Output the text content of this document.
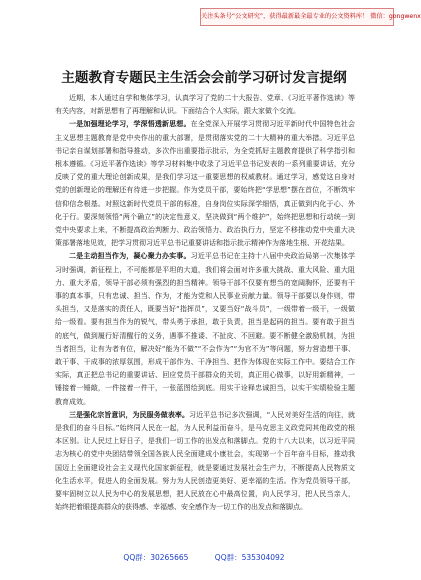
关注头条号“公文研究”，获得最新最全最专业的公文资料库！ 微信：gongwenx
主题教育专题民主生活会会前学习研讨发言提纲

近期，本人通过自学和集体学习，认真学习了党的二十大报告、党章、《习近平著作选读》等有关内容，对新思想有了再理解和认识。下面结合个人实际，跟大家做个交流。

一是加强理论学习，学深悟透新思想。在全党深入开展学习贯彻习近平新时代中国特色社会主义思想主题教育是党中央作出的重大部署，是贯彻落实党的二十大精神的重大举措。习近平总书记亲自谋划部署和指导推动，多次作出重要指示批示，为全党抓好主题教育提供了科学指引和根本遵循。《习近平著作选读》等学习材料集中收录了习近平总书记发表的一系列重要讲话，充分反映了党的重大理论创新成果，是我们学习这一重要思想的权威教材。通过学习，感觉这自身对党的创新理论的理解还有待进一步把握。作为党员干部，要始终把“学思想”摆在首位，不断筑牢信仰信念根基。对照这新时代党员干部的标准，自身岗位实际深学细悟，真正做到内化于心、外化于行。要深刻领悟“两个确立”的决定性意义，坚决做到“两个维护”，始终把思想和行动统一到党中央要求上来，不断提高政治判断力、政治领悟力、政治执行力，坚定不移推动党中央重大决策部署落地见效，把学习贯彻习近平总书记重要讲话和指示批示精神作为落地生根、开花结果。

二是主动担当作为，凝心聚力办实事。习近平总书记在主持十八届中央政治局第一次集体学习时强调，新征程上，不可能都是平坦的大道，我们将会面对许多重大挑战、重大风险、重大阻力、重大矛盾，领导干部必须有强烈的担当精神。领导干部不仅要有想当的宽阔胸怀，还要有干事的真本事，只有忠诚、担当、作为，才能为党和人民事业贡献力量。领导干部要以身作则，带头担当，又是落实的责任人，既要当好“指挥员”，又要当好“战斗员”，一级带着一级干，一级做给一级看。要有担当作为的锐气，带头勇于承担，敢于负责，担当是起码的担当。要有敢于担当的底气，做到履行好清醒行的义务，遇事不推诿、不扯皮、不回避。要不断健全激励机制，为担当者担当，让有为者有位，解决好“能为不做”“不会作为”“为官不为”等问题，努力营造想干事、敢干事、干成事的浓厚氛围，形成干部作为、干净担当、把作为体现在实际工作中。要结合工作实际，真正把总书记的重要讲话、回应党员干部群众的关切，真正用心做事，以好用新精神，一锤接着一锤敲，一件接着一件干，一张蓝图绘到底。用实干诠释忠诚担当，以实干实绩检验主题教育成效。

三是强化宗旨意识，为民服务做表率。习近平总书记多次强调，“人民对美好生活的向往，就是我们的奋斗目标。”始终同人民在一起，为人民利益而奋斗，是马克思主义政党同其他政党的根本区别。让人民过上好日子，是我们一切工作的出发点和落脚点。党的十八大以来，以习近平同志为核心的党中央团结带领全国各族人民全面建成小康社会，实现第一个百年奋斗目标，推动我国迈上全面建设社会主义现代化国家新征程，就是要通过发展社会生产力，不断提高人民物质文化生活水平，促进人的全面发展。努力为人民创造更美好、更幸福的生活。作为党员领导干部，要牢固树立以人民为中心的发展思想，把人民放在心中最高位置，向人民学习，把人民当亲人，始终把着眼提高群众的获得感、幸福感、安全感作为一切工作的出发点和落脚点。

QQ群：30265665	QQ群：535304092
